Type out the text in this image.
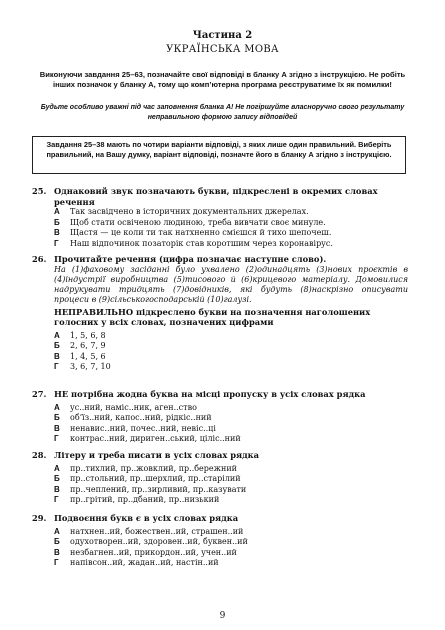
Частина 2
УКРАЇНСЬКА МОВА
Виконуючи завдання 25–63, позначайте свої відповіді в бланку А згідно з інструкцією. Не робіть інших позначок у бланку А, тому що комп’ютерна програма реєструватиме їх як помилки!
Будьте особливо уважні під час заповнення бланка А! Не погіршуйте власноручно свого результату неправильною формою запису відповідей
Завдання 25–38 мають по чотири варіанти відповіді, з яких лише один правильний. Виберіть правильний, на Вашу думку, варіант відповіді, позначте його в бланку А згідно з інструкцією.
25. Однаковий звук позначають букви, підкреслені в окремих словах речення
А Так засвідчено в історичних документальних джерелах.
Б Щоб стати освіченою людиною, треба вивчати своє минуле.
В Щастя — це коли ти так натхненно смієшся й тихо шепочеш.
Г Наш відпочинок позаторік став коротшим через коронавірус.
26. Прочитайте речення (цифра позначає наступне слово).
На (1)фаховому засіданні було ухвалено (2)одинадцять (3)нових проєктів в (4)індустрії виробництва (5)тисового й (6)крицевого матеріалу. Домовилися надрукувати тридцять (7)довідників, які будуть (8)наскрізно описувати процеси в (9)сільськогосподарській (10)галузі.
НЕПРАВИЛЬНО підкреслено букви на позначення наголошених голосних у всіх словах, позначених цифрами
А 1, 5, 6, 8
Б 2, 6, 7, 9
В 1, 4, 5, 6
Г 3, 6, 7, 10
27. НЕ потрібна жодна буква на місці пропуску в усіх словах рядка
А ус..ний, наміс..ник, аген..ство
Б об’їз..ний, капос..ний, рідкіс..ний
В ненавис..ний, почес..ний, невіс..ці
Г контрас..ний, дириген..ський, ціліс..ний
28. Літеру и треба писати в усіх словах рядка
А пр..тихлий, пр..жовклий, пр..бережний
Б пр..стольний, пр..шерхлий, пр..старілий
В пр..чеплений, пр..зирливий, пр..казувати
Г пр..грітий, пр..дбаний, пр..низький
29. Подвоєння букв є в усіх словах рядка
А натхнен..ий, божествен..ий, страшен..ий
Б одухотворен..ий, здоровен..ий, буквен..ий
В незбагнен..ий, прикордон..ий, учен..ий
Г напівсон..ий, жадан..ий, настін..ий
9
